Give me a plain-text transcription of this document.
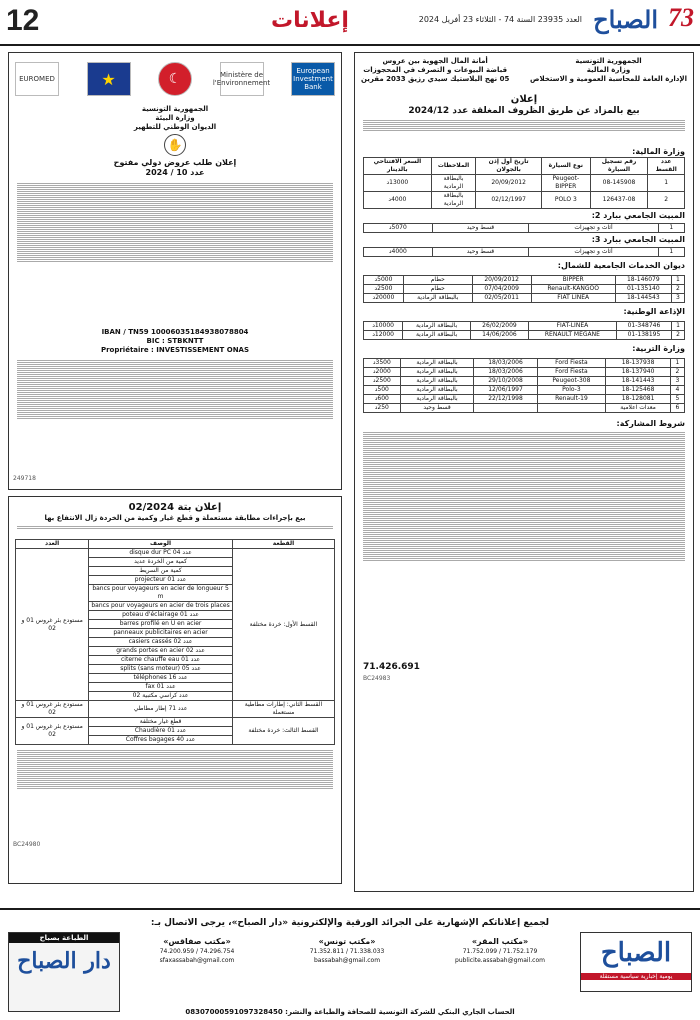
12	إعلانات	العدد 23935 السنة 74 - الثلاثاء 23 أفريل 2024	73
الصباح
EUROMED	★	☾	Ministère de l'Environnement
European Investment Bank
الجمهورية التونسية
وزارة البيئة
الديوان الوطني للتطهير
✋
إعلان طلب عروض دولي مفتوح
عدد 10 / 2024
IBAN / TN59 10006035184938078804
BIC : STBKNTT
Propriétaire : INVESTISSEMENT ONAS
249718
إعلان بتة 02/2024
بيع بإجراءات مطابقة مستعملة و قطع غيار وكمية من الخردة زال الانتفاع بها
العدد	الوصف	القطعة
مستودع بئر غروس 01 و 02	disque dur PC 04 عدد	القسط الأول: خردة مختلفة
	كمية من الخردة عديد	
	كمية من السريط	
	projecteur 01 عدد	
	bancs pour voyageurs en acier de longueur 5 m	
	bancs pour voyageurs en acier de trois places	
	poteau d'éclairage 01 عدد	
	barres profilé en U en acier	
	panneaux publicitaires en acier	
	casiers cassés 02 عدد	
	grands portes en acier 02 عدد	
	citerne chauffe eau 01 عدد	
	splits (sans moteur) 05 عدد	
	téléphones 16 عدد	
	fax 01 عدد	
	02 عدد كراسي مكتبية	
مستودع بئر غروس 01 و 02	عدد 71 إطار مطاطي	القسط الثاني: إطارات مطاطية مستعملة
مستودع بئر غروس 01 و 02	قطع غيار مختلفة	القسط الثالث: خردة مختلفة
	Chaudière 01 عدد	
	Coffres bagages 40 عدد	
BC24980
الجمهورية التونسية
وزارة المالية
الإدارة العامة للمحاسبة العمومية و الاستخلاص
أمانة المال الجهوية بين عروس
قباضة البيوعات و التصرف في المحجوزات
05 نهج البلاستيك سيدي رزيق 2033 مقرين
إعلان
بيع بالمزاد عن طريق الظروف المغلقة عدد 2024/12
وزارة المالية:
عدد القسط	رقم تسجيل السيارة	نوع السيارة	تاريخ أول إذن بالجولان	الملاحظات	السعر الافتتاحي بالدينار
1	08-145908	Peugeot-BIPPER	20/09/2012	بالبطاقة الرمادية	13000د
2	126437-08	POLO 3	02/12/1997	بالبطاقة الرمادية	4000د
المبيت الجامعي ببارد 2:
1	أثاث و تجهيزات	قسط وحيد	5070د
المبيت الجامعي ببارد 3:
1	أثاث و تجهيزات	قسط وحيد	4000د
ديوان الخدمات الجامعية للشمال:
1	18-146079	BIPPER	20/09/2012	حطام	5000د
2	01-135140	Renault-KANGOO	07/04/2009	حطام	2500د
3	18-144543	FIAT LINEA	02/05/2011	بالبطاقة الرمادية	20000د
الإذاعة الوطنية:
1	01-348746	FIAT-LINEA	26/02/2009	بالبطاقة الرمادية	10000د
2	01-138195	RENAULT MEGANE	14/06/2006	بالبطاقة الرمادية	12000د
وزارة التربية:
1	18-137938	Ford Fiesta	18/03/2006	بالبطاقة الرمادية	3500د
2	18-137940	Ford Fiesta	18/03/2006	بالبطاقة الرمادية	2000د
3	18-141443	Peugeot-308	29/10/2008	بالبطاقة الرمادية	2500د
4	18-125468	Polo-3	12/06/1997	بالبطاقة الرمادية	500د
5	18-128081	Renault-19	22/12/1998	بالبطاقة الرمادية	600د
6	معدات اعلامية			قسط وحيد	250د
شروط المشاركة:
71.426.691
BC24983
لجميع إعلاناتكم الإشهارية على الجرائد الورقية والإلكترونية «دار الصباح»، يرجى الاتصال بـ:
الصباح
يومية إخبارية سياسية مستقلة
«مكتب المقر»
71.752.179 / 71.752.099
publicite.assabah@gmail.com
«مكتب تونس»
71.338.033 / 71.352.811
bassabah@gmail.com
«مكتب صفاقس»
74.296.754 / 74.200.959
sfaxassabah@gmail.com
الطباعة بصباح
دار الصباح
الحساب الجاري البنكي للشركة التونسية للصحافة والطباعة والنشر: 08307000591097328450
